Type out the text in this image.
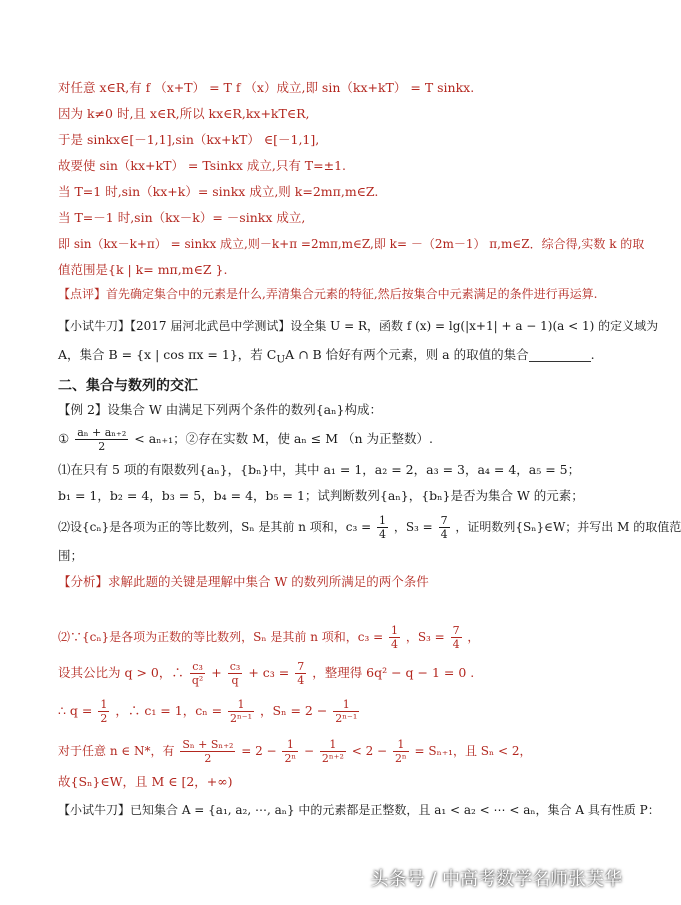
对任意 x∈R,有 f （x+T） = T f （x）成立,即 sin（kx+kT） = T sinkx.
因为 k≠0 时,且 x∈R,所以 kx∈R,kx+kT∈R,
于是 sinkx∈[－1,1],sin（kx+kT） ∈[－1,1],
故要使 sin（kx+kT） = Tsinkx 成立,只有 T=±1.
当 T=1 时,sin（kx+k）= sinkx 成立,则 k=2mπ,m∈Z.
当 T=－1 时,sin（kx－k）= －sinkx 成立,
即 sin（kx－k+π） = sinkx 成立,则－k+π =2mπ,m∈Z,即 k= －（2m－1） π,m∈Z．综合得,实数 k 的取
值范围是{k | k= mπ,m∈Z }.
【点评】首先确定集合中的元素是什么,弄清集合元素的特征,然后按集合中元素满足的条件进行再运算.
【小试牛刀】【2017 届河北武邑中学测试】设全集 U = R，函数 f (x) = lg(|x+1| + a − 1)(a < 1) 的定义域为
A，集合 B = {x | cos πx = 1}，若 $C_UA$ ∩ B 恰好有两个元素，则 a 的取值的集合	.
二、集合与数列的交汇
【例 2】设集合 W 由满足下列两个条件的数列{aₙ}构成：
① $\frac{\text{aₙ + aₙ₊₂}}{2} < a_{n+1}$；②存在实数 M，使 aₙ ≤ M （n 为正整数）.
⑴在只有 5 项的有限数列{aₙ}，{bₙ}中，其中 a₁ = 1，a₂ = 2，a₃ = 3，a₄ = 4，a₅ = 5；
b₁ = 1，b₂ = 4，b₃ = 5，b₄ = 4，b₅ = 1；试判断数列{aₙ}，{bₙ}是否为集合 W 的元素；
⑵设{cₙ}是各项为正的等比数列，Sₙ 是其前 n 项和，$c_3 = \frac{1}{4}$ ，$S_3 = \frac{7}{4}$ ，证明数列{Sₙ}∈W；并写出 M 的取值范
围；
【分析】求解此题的关键是理解中集合 W 的数列所满足的两个条件
⑵∵{cₙ}是各项为正数的等比数列，Sₙ 是其前 n 项和，$c_3 = \frac{1}{4}$ ，$S_3 = \frac{7}{4}$ ，
设其公比为 q > 0，∴ $\frac{\text{c₃}}{\text{q²}} + \frac{\text{c₃}}{q} + c_3 = \frac{7}{4}$ ，整理得 6q² − q − 1 = 0 .
∴ $q = \frac{1}{2}$ ，∴ c₁ = 1，$c_n = \frac{1}{\text{2ⁿ⁻¹}}$ ，$S_n = 2 - \frac{1}{\text{2ⁿ⁻¹}}$
对于任意 n ∈ N*，有 $\frac{\text{Sₙ + Sₙ₊₂}}{2} = 2 - \frac{1}{\text{2ⁿ}} - \frac{1}{\text{2ⁿ⁺²}} < 2 - \frac{1}{\text{2ⁿ}} = S_{n+1}$，且 Sₙ < 2，
故{Sₙ}∈W，且 M ∈ [2，+∞)
【小试牛刀】已知集合 A = {a₁, a₂, ⋯, aₙ} 中的元素都是正整数，且 a₁ < a₂ < ⋯ < aₙ，集合 A 具有性质 P：
头条号 / 中高考数学名师张芙华
